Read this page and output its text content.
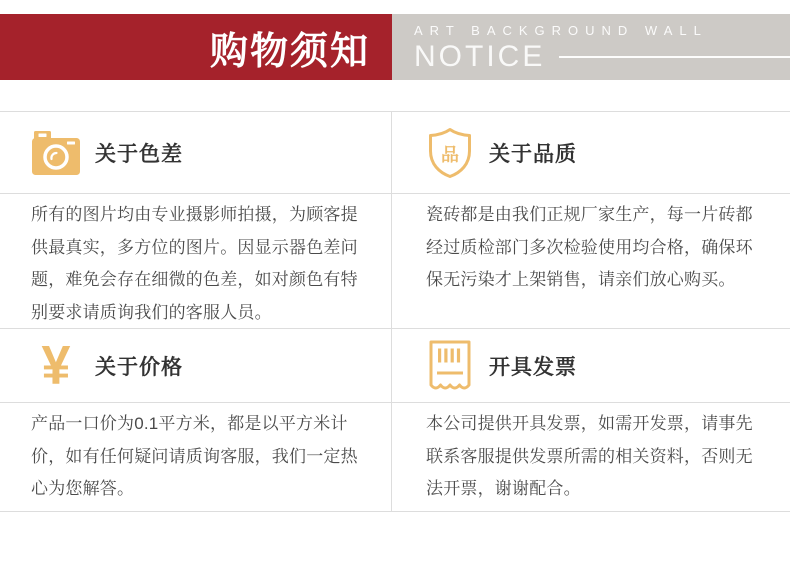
购物须知	ART BACKGROUND WALL
NOTICE
关于色差	品 关于品质

所有的图片均由专业摄影师拍摄，为顾客提供最真实，多方位的图片。因显示器色差问题，难免会存在细微的色差，如对颜色有特别要求请质询我们的客服人员。

瓷砖都是由我们正规厂家生产，每一片砖都经过质检部门多次检验使用均合格，确保环保无污染才上架销售，请亲们放心购买。

¥ 关于价格	开具发票

产品一口价为0.1平方米，都是以平方米计价，如有任何疑问请质询客服，我们一定热心为您解答。

本公司提供开具发票，如需开发票，请事先联系客服提供发票所需的相关资料，否则无法开票，谢谢配合。
